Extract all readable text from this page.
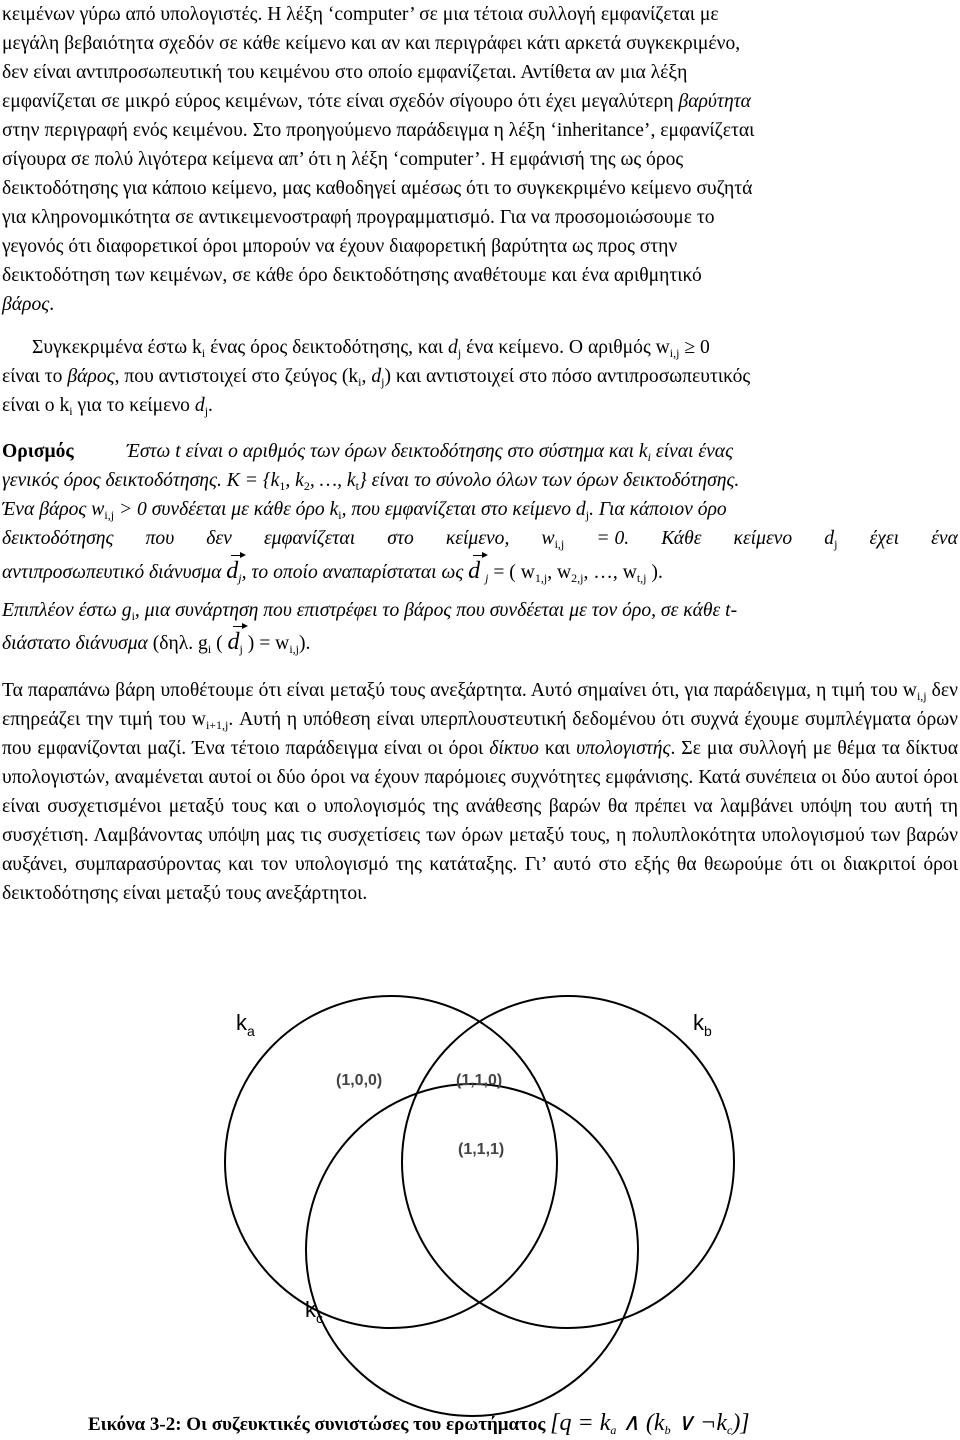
κειμένων γύρω από υπολογιστές. Η λέξη ‘computer’ σε μια τέτοια συλλογή εμφανίζεται με
μεγάλη βεβαιότητα σχεδόν σε κάθε κείμενο και αν και περιγράφει κάτι αρκετά συγκεκριμένο,
δεν είναι αντιπροσωπευτική του κειμένου στο οποίο εμφανίζεται. Αντίθετα αν μια λέξη
εμφανίζεται σε μικρό εύρος κειμένων, τότε είναι σχεδόν σίγουρο ότι έχει μεγαλύτερη βαρύτητα
στην περιγραφή ενός κειμένου. Στο προηγούμενο παράδειγμα η λέξη ‘inheritance’, εμφανίζεται
σίγουρα σε πολύ λιγότερα κείμενα απ’ ότι η λέξη ‘computer’. Η εμφάνισή της ως όρος
δεικτοδότησης για κάποιο κείμενο, μας καθοδηγεί αμέσως ότι το συγκεκριμένο κείμενο συζητά
για κληρονομικότητα σε αντικειμενοστραφή προγραμματισμό. Για να προσομοιώσουμε το
γεγονός ότι διαφορετικοί όροι μπορούν να έχουν διαφορετική βαρύτητα ως προς στην
δεικτοδότηση των κειμένων, σε κάθε όρο δεικτοδότησης αναθέτουμε και ένα αριθμητικό
βάρος.
Συγκεκριμένα έστω $k_i$ ένας όρος δεικτοδότησης, και $d_j$ ένα κείμενο. Ο αριθμός $w_{i,j} \ge 0$
είναι το βάρος, που αντιστοιχεί στο ζεύγος ($k_i$, $d_j$) και αντιστοιχεί στο πόσο αντιπροσωπευτικός
είναι ο $k_i$ για το κείμενο $d_j$.
Ορισμός	Έστω t είναι ο αριθμός των όρων δεικτοδότησης στο σύστημα και $k_i$ είναι ένας
γενικός όρος δεικτοδότησης. $K = \{k_1$, $k_2$, …, $k_t$} είναι το σύνολο όλων των όρων δεικτοδότησης.
Ένα βάρος $w_{i,j} > 0$ συνδέεται με κάθε όρο $k_i$, που εμφανίζεται στο κείμενο $d_j$. Για κάποιον όρο
δεικτοδότησης που δεν εμφανίζεται στο κείμενο, $w_{i,j} = 0$. Κάθε κείμενο $d_j$ έχει ένα
αντιπροσωπευτικό διάνυσμα $d_j$, το οποίο αναπαρίσταται ως d $_j$ = ( $w_{1,j}$, $w_{2,j}$, …, $w_{t,j}$ ).
Επιπλέον έστω $g_i$, μια συνάρτηση που επιστρέφει το βάρος που συνδέεται με τον όρο, σε κάθε t-
διάστατο διάνυσμα (δηλ. $g_i$ ( $d_j$ ) = $w_{i,j}$).

Τα παραπάνω βάρη υποθέτουμε ότι είναι μεταξύ τους ανεξάρτητα. Αυτό σημαίνει ότι, για παράδειγμα, η τιμή του $w_{i,j}$ δεν επηρεάζει την τιμή του $w_{i+1,j}$. Αυτή η υπόθεση είναι υπερπλουστευτική δεδομένου ότι συχνά έχουμε συμπλέγματα όρων που εμφανίζονται μαζί. Ένα τέτοιο παράδειγμα είναι οι όροι δίκτυο και υπολογιστής. Σε μια συλλογή με θέμα τα δίκτυα υπολογιστών, αναμένεται αυτοί οι δύο όροι να έχουν παρόμοιες συχνότητες εμφάνισης. Κατά συνέπεια οι δύο αυτοί όροι είναι συσχετισμένοι μεταξύ τους και ο υπολογισμός της ανάθεσης βαρών θα πρέπει να λαμβάνει υπόψη του αυτή τη συσχέτιση. Λαμβάνοντας υπόψη μας τις συσχετίσεις των όρων μεταξύ τους, η πολυπλοκότητα υπολογισμού των βαρών αυξάνει, συμπαρασύροντας και τον υπολογισμό της κατάταξης. Γι’ αυτό στο εξής θα θεωρούμε ότι οι διακριτοί όροι δεικτοδότησης είναι μεταξύ τους ανεξάρτητοι.

$k_a$	$k_b$
$k_c$
(1,0,0)	(1,1,0)
(1,1,1)
Εικόνα 3-2: Οι συζευκτικές συνιστώσες του ερωτήματος [$q = k_a$ ∧ ($k_b$ ∨ $\neg k_c$)]
